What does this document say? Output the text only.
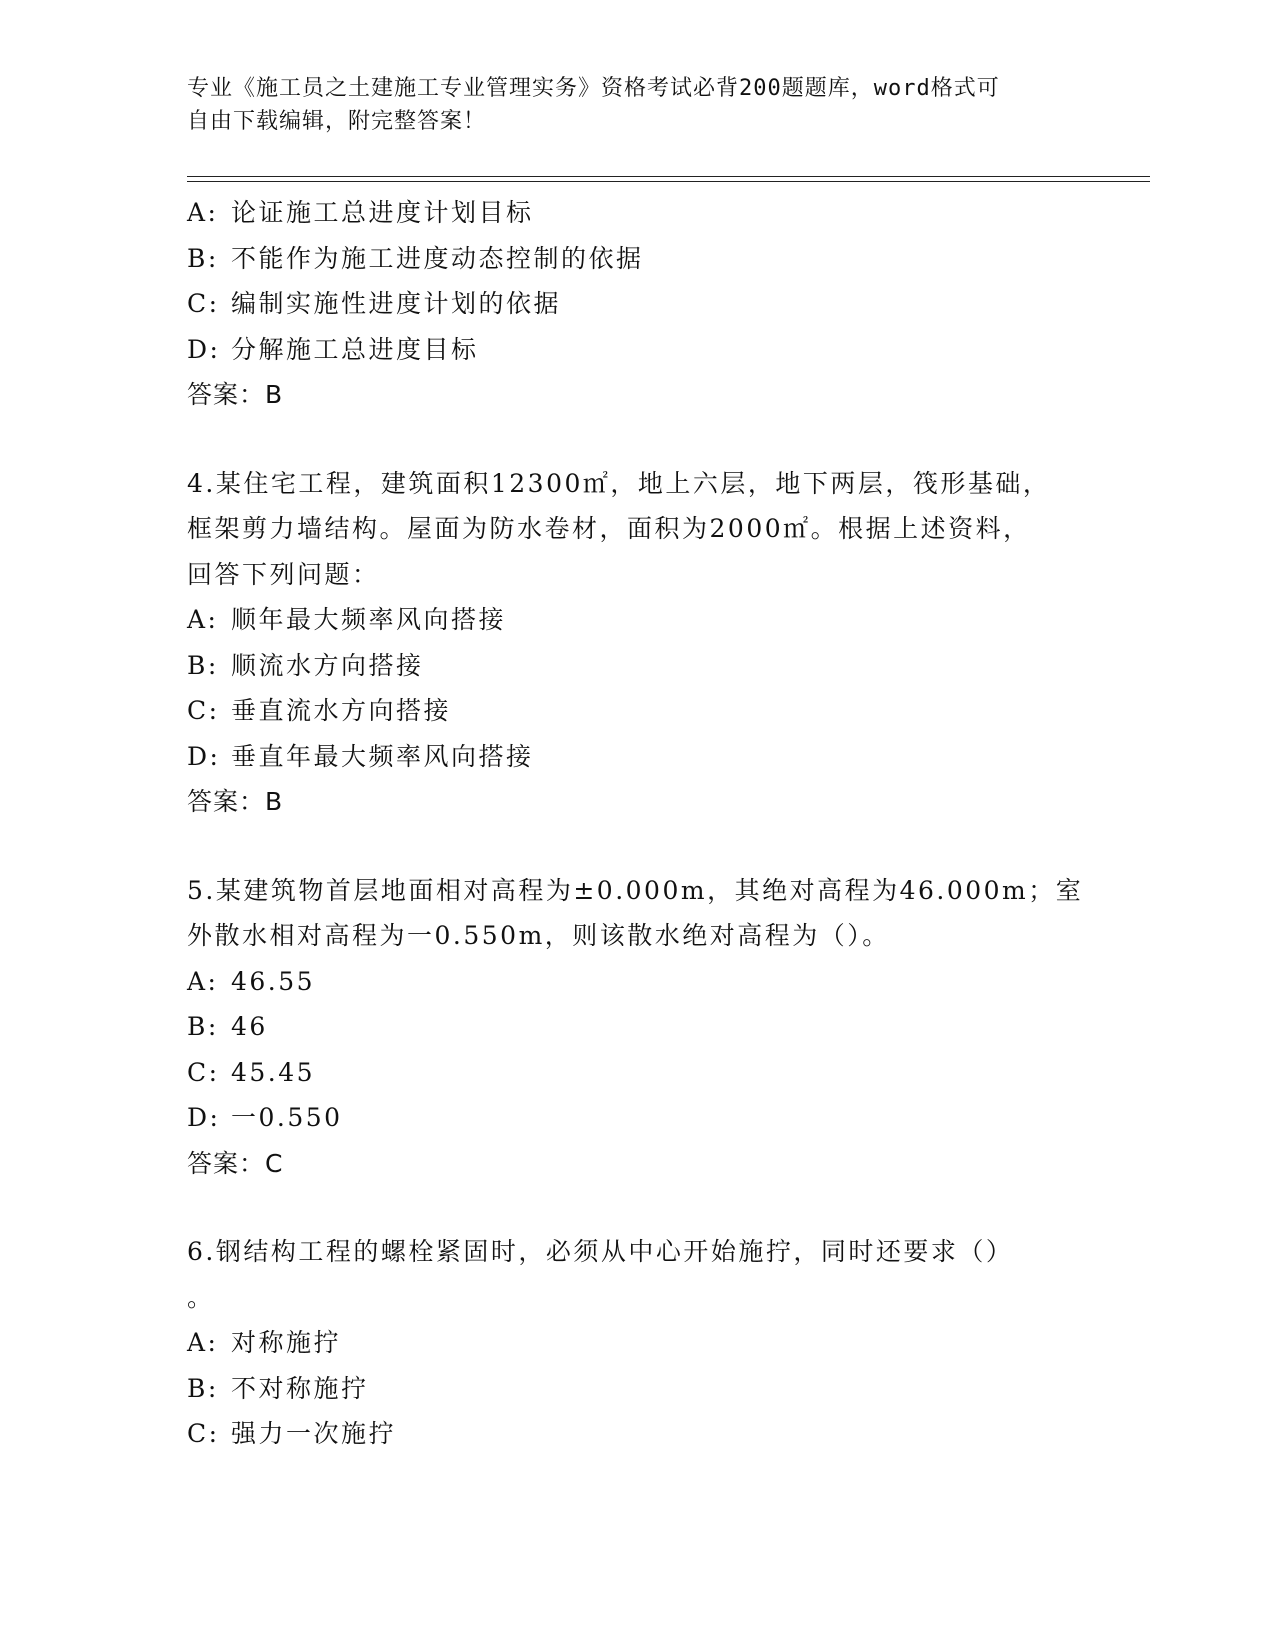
专业《施工员之土建施工专业管理实务》资格考试必背200题题库，word格式可
自由下载编辑，附完整答案！
A: 论证施工总进度计划目标
B: 不能作为施工进度动态控制的依据
C: 编制实施性进度计划的依据
D: 分解施工总进度目标
答案：B
4.某住宅工程，建筑面积12300㎡，地上六层，地下两层，筏形基础，
框架剪力墙结构。屋面为防水卷材，面积为2000㎡。根据上述资料，
回答下列问题：
A: 顺年最大频率风向搭接
B: 顺流水方向搭接
C: 垂直流水方向搭接
D: 垂直年最大频率风向搭接
答案：B
5.某建筑物首层地面相对高程为±0.000m，其绝对高程为46.000m；室
外散水相对高程为一0.550m，则该散水绝对高程为（）。
A: 46.55
B: 46
C: 45.45
D: 一0.550
答案：C
6.钢结构工程的螺栓紧固时，必须从中心开始施拧，同时还要求（）
。
A: 对称施拧
B: 不对称施拧
C: 强力一次施拧
